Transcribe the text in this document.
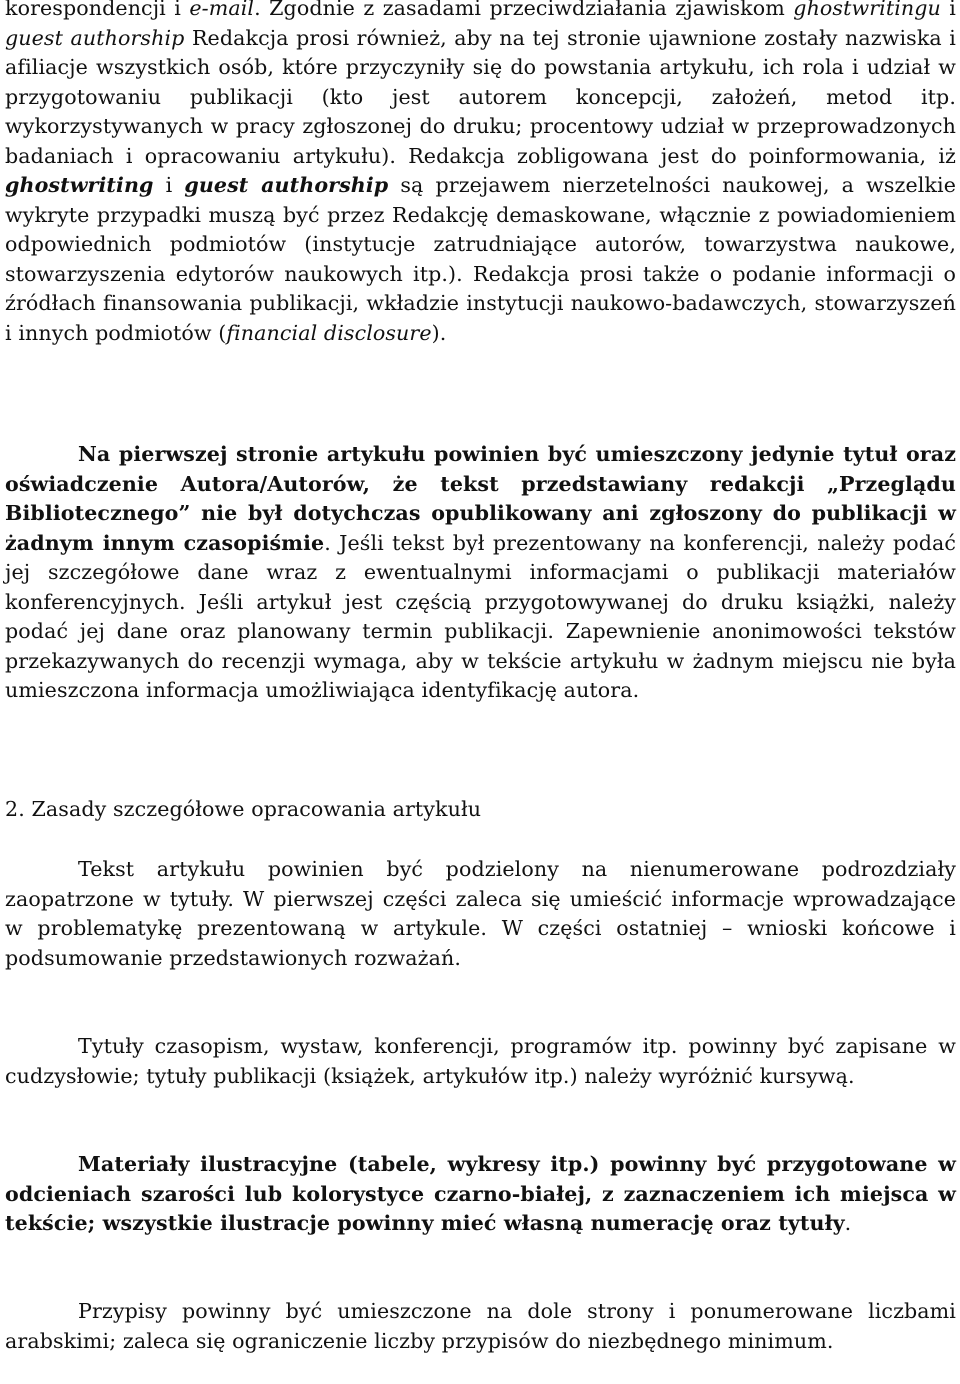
korespondencji i e-mail. Zgodnie z zasadami przeciwdziałania zjawiskom ghostwritingu i guest authorship Redakcja prosi również, aby na tej stronie ujawnione zostały nazwiska i afiliacje wszystkich osób, które przyczyniły się do powstania artykułu, ich rola i udział w przygotowaniu publikacji (kto jest autorem koncepcji, założeń, metod itp. wykorzystywanych w pracy zgłoszonej do druku; procentowy udział w przeprowadzonych badaniach i opracowaniu artykułu). Redakcja zobligowana jest do poinformowania, iż ghostwriting i guest authorship są przejawem nierzetelności naukowej, a wszelkie wykryte przypadki muszą być przez Redakcję demaskowane, włącznie z powiadomieniem odpowiednich podmiotów (instytucje zatrudniające autorów, towarzystwa naukowe, stowarzyszenia edytorów naukowych itp.). Redakcja prosi także o podanie informacji o źródłach finansowania publikacji, wkładzie instytucji naukowo-badawczych, stowarzyszeń i innych podmiotów (financial disclosure).

Na pierwszej stronie artykułu powinien być umieszczony jedynie tytuł oraz oświadczenie Autora/Autorów, że tekst przedstawiany redakcji „Przeglądu Bibliotecznego” nie był dotychczas opublikowany ani zgłoszony do publikacji w żadnym innym czasopiśmie. Jeśli tekst był prezentowany na konferencji, należy podać jej szczegółowe dane wraz z ewentualnymi informacjami o publikacji materiałów konferencyjnych. Jeśli artykuł jest częścią przygotowywanej do druku książki, należy podać jej dane oraz planowany termin publikacji. Zapewnienie anonimowości tekstów przekazywanych do recenzji wymaga, aby w tekście artykułu w żadnym miejscu nie była umieszczona informacja umożliwiająca identyfikację autora.

2. Zasady szczegółowe opracowania artykułu

Tekst artykułu powinien być podzielony na nienumerowane podrozdziały zaopatrzone w tytuły. W pierwszej części zaleca się umieścić informacje wprowadzające w problematykę prezentowaną w artykule. W części ostatniej – wnioski końcowe i podsumowanie przedstawionych rozważań.

Tytuły czasopism, wystaw, konferencji, programów itp. powinny być zapisane w cudzysłowie; tytuły publikacji (książek, artykułów itp.) należy wyróżnić kursywą.

Materiały ilustracyjne (tabele, wykresy itp.) powinny być przygotowane w odcieniach szarości lub kolorystyce czarno-białej, z zaznaczeniem ich miejsca w tekście; wszystkie ilustracje powinny mieć własną numerację oraz tytuły.

Przypisy powinny być umieszczone na dole strony i ponumerowane liczbami arabskimi; zaleca się ograniczenie liczby przypisów do niezbędnego minimum.
